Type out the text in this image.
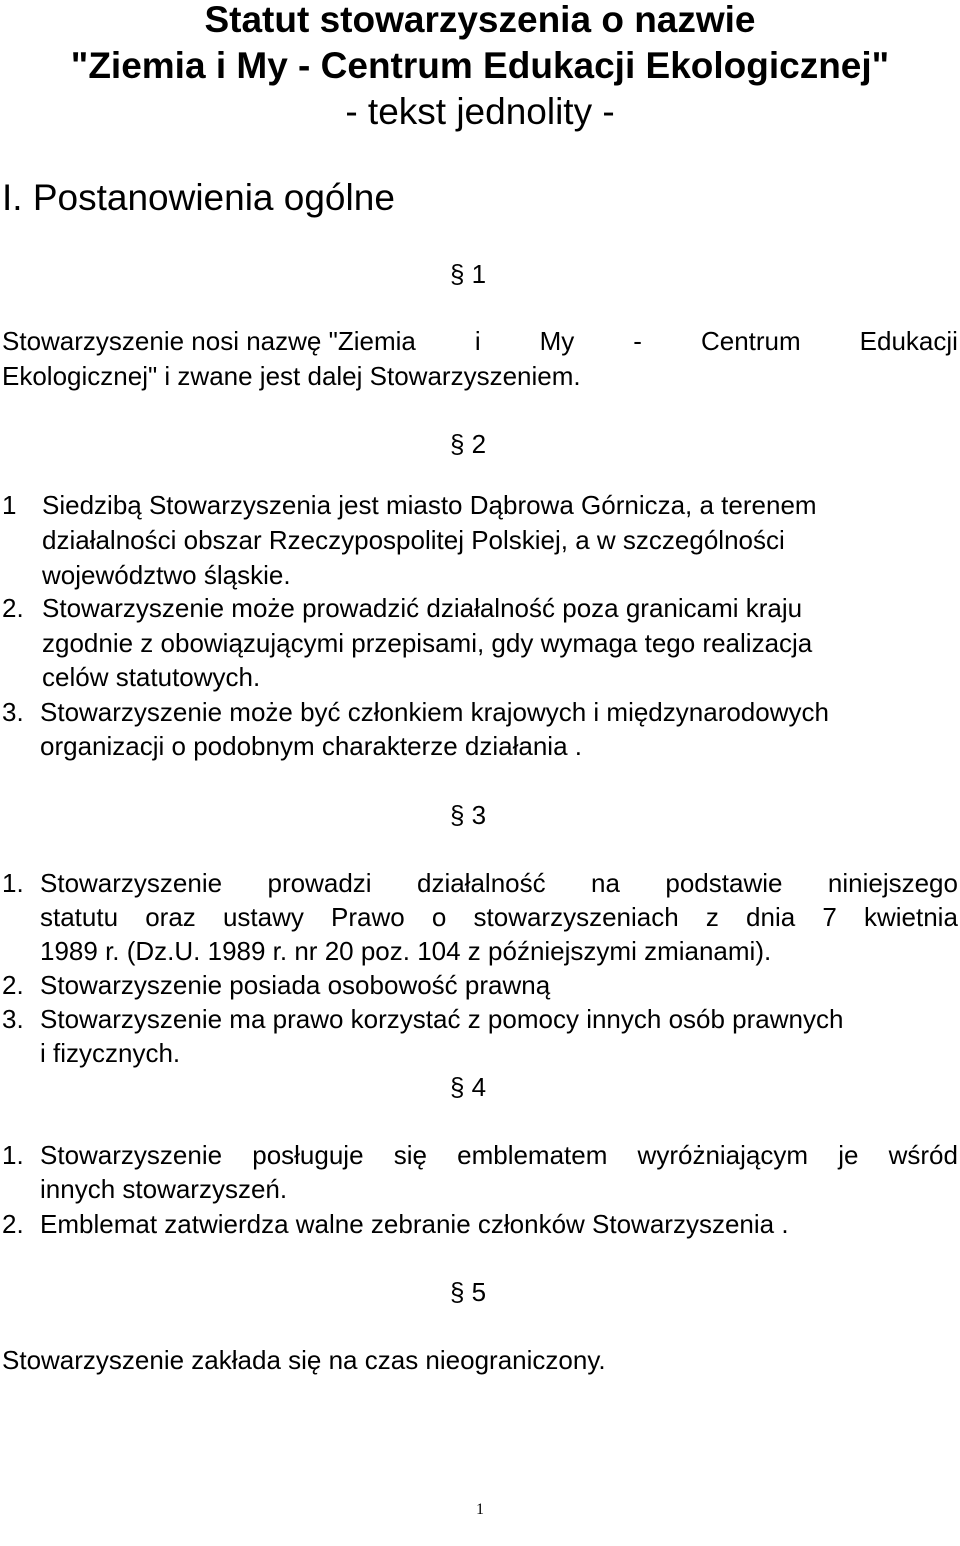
Statut stowarzyszenia o nazwie
"Ziemia i My - Centrum Edukacji Ekologicznej"
- tekst jednolity -
I. Postanowienia ogólne
§ 1
Stowarzyszenie nosi nazwę "Ziemia i My - Centrum Edukacji
Ekologicznej" i zwane jest dalej Stowarzyszeniem.
§ 2
1 Siedzibą Stowarzyszenia jest miasto Dąbrowa Górnicza, a terenem
działalności obszar Rzeczypospolitej Polskiej, a w szczególności
województwo śląskie.
2. Stowarzyszenie może prowadzić działalność poza granicami kraju
zgodnie z obowiązującymi przepisami, gdy wymaga tego realizacja
celów statutowych.
3. Stowarzyszenie może być członkiem krajowych i międzynarodowych
organizacji o podobnym charakterze działania .
§ 3
1. Stowarzyszenie prowadzi działalność na podstawie niniejszego
statutu oraz ustawy Prawo o stowarzyszeniach z dnia 7 kwietnia
1989 r. (Dz.U. 1989 r. nr 20 poz. 104 z późniejszymi zmianami).
2. Stowarzyszenie posiada osobowość prawną
3. Stowarzyszenie ma prawo korzystać z pomocy innych osób prawnych
i fizycznych.
§ 4
1. Stowarzyszenie posługuje się emblematem wyróżniającym je wśród
innych stowarzyszeń.
2. Emblemat zatwierdza walne zebranie członków Stowarzyszenia .
§ 5
Stowarzyszenie zakłada się na czas nieograniczony.
1
